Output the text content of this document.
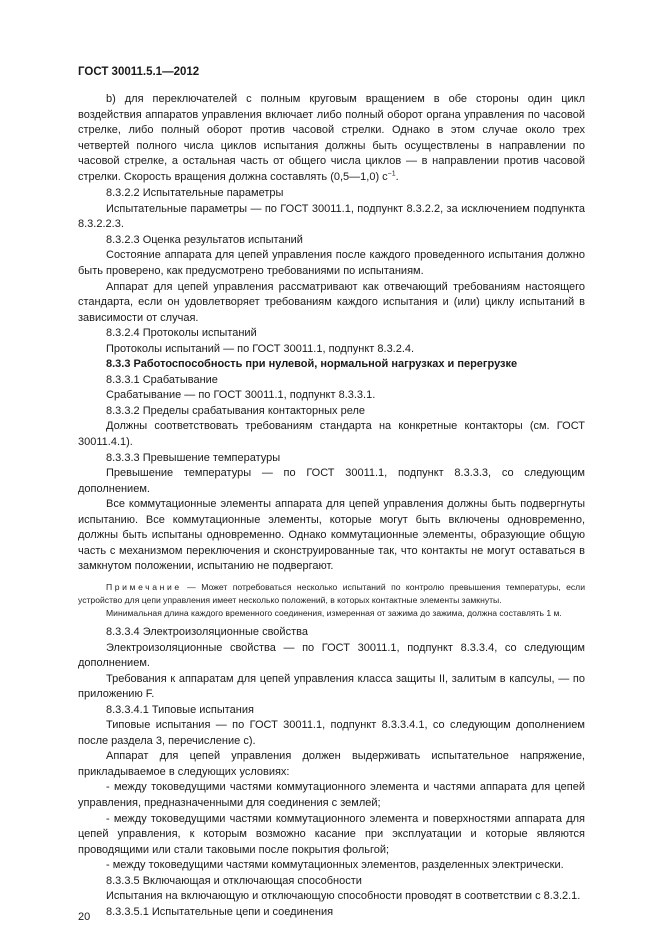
ГОСТ 30011.5.1—2012

b) для переключателей с полным круговым вращением в обе стороны один цикл воздействия аппаратов управления включает либо полный оборот органа управления по часовой стрелке, либо полный оборот против часовой стрелки. Однако в этом случае около трех четвертей полного числа циклов испытания должны быть осуществлены в направлении по часовой стрелке, а остальная часть от общего числа циклов — в направлении против часовой стрелки. Скорость вращения должна составлять (0,5—1,0) $с^{-1}$.

8.3.2.2 Испытательные параметры

Испытательные параметры — по ГОСТ 30011.1, подпункт 8.3.2.2, за исключением подпункта 8.3.2.2.3.

8.3.2.3 Оценка результатов испытаний

Состояние аппарата для цепей управления после каждого проведенного испытания должно быть проверено, как предусмотрено требованиями по испытаниям.

Аппарат для цепей управления рассматривают как отвечающий требованиям настоящего стандарта, если он удовлетворяет требованиям каждого испытания и (или) циклу испытаний в зависимости от случая.

8.3.2.4 Протоколы испытаний

Протоколы испытаний — по ГОСТ 30011.1, подпункт 8.3.2.4.

8.3.3 Работоспособность при нулевой, нормальной нагрузках и перегрузке

8.3.3.1 Срабатывание

Срабатывание — по ГОСТ 30011.1, подпункт 8.3.3.1.

8.3.3.2 Пределы срабатывания контакторных реле

Должны соответствовать требованиям стандарта на конкретные контакторы (см. ГОСТ 30011.4.1).

8.3.3.3 Превышение температуры

Превышение температуры — по ГОСТ 30011.1, подпункт 8.3.3.3, со следующим дополнением.

Все коммутационные элементы аппарата для цепей управления должны быть подвергнуты испытанию. Все коммутационные элементы, которые могут быть включены одновременно, должны быть испытаны одновременно. Однако коммутационные элементы, образующие общую часть с механизмом переключения и сконструированные так, что контакты не могут оставаться в замкнутом положении, испытанию не подвергают.

Примечание — Может потребоваться несколько испытаний по контролю превышения температуры, если устройство для цепи управления имеет несколько положений, в которых контактные элементы замкнуты.

Минимальная длина каждого временного соединения, измеренная от зажима до зажима, должна составлять 1 м.

8.3.3.4 Электроизоляционные свойства

Электроизоляционные свойства — по ГОСТ 30011.1, подпункт 8.3.3.4, со следующим дополнением.

Требования к аппаратам для цепей управления класса защиты II, залитым в капсулы, — по приложению F.

8.3.3.4.1 Типовые испытания

Типовые испытания — по ГОСТ 30011.1, подпункт 8.3.3.4.1, со следующим дополнением после раздела 3, перечисление с).

Аппарат для цепей управления должен выдерживать испытательное напряжение, прикладываемое в следующих условиях:

- между токоведущими частями коммутационного элемента и частями аппарата для цепей управления, предназначенными для соединения с землей;

- между токоведущими частями коммутационного элемента и поверхностями аппарата для цепей управления, к которым возможно касание при эксплуатации и которые являются проводящими или стали таковыми после покрытия фольгой;

- между токоведущими частями коммутационных элементов, разделенных электрически.

8.3.3.5 Включающая и отключающая способности

Испытания на включающую и отключающую способности проводят в соответствии с 8.3.2.1.

8.3.3.5.1 Испытательные цепи и соединения

20
